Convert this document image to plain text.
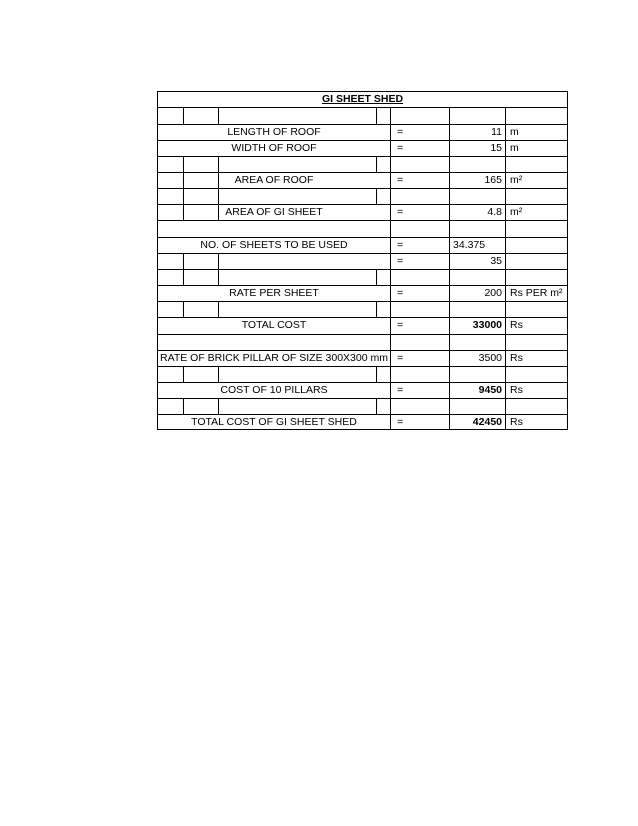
GI SHEET SHED
LENGTH OF ROOF	=	11 m
WIDTH OF ROOF	=	15 m
AREA OF ROOF	=	165 m²
AREA OF GI SHEET	=	4.8 m²
NO. OF SHEETS TO BE USED	=	34.375
=	35
RATE PER SHEET	=	200 Rs PER m²
TOTAL COST	=	33000 Rs
RATE OF BRICK PILLAR OF SIZE 300X300 mm =	3500 Rs
COST OF 10 PILLARS	=	9450 Rs
TOTAL COST OF GI SHEET SHED	=	42450 Rs
